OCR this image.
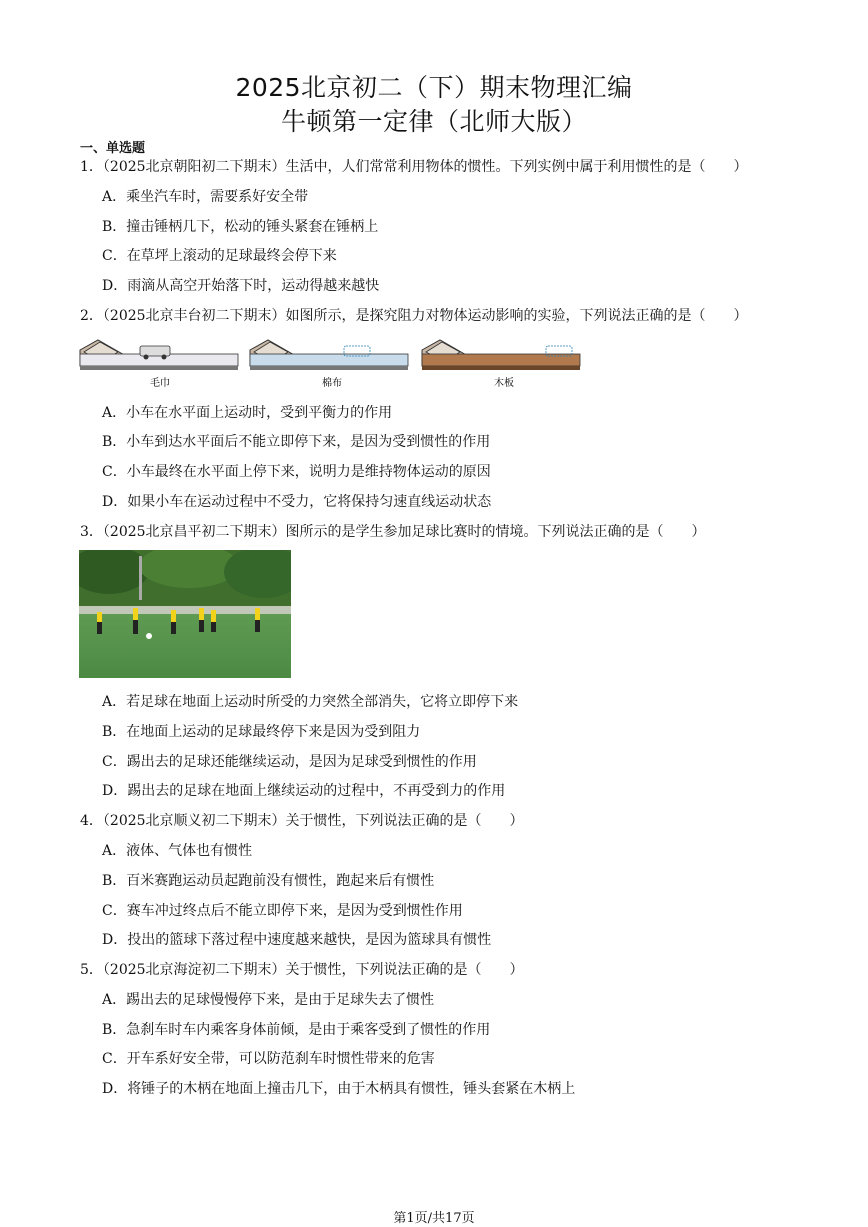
2025北京初二（下）期末物理汇编
牛顿第一定律（北师大版）
一、单选题
1．（2025北京朝阳初二下期末）生活中，人们常常利用物体的惯性。下列实例中属于利用惯性的是（　　）
A．乘坐汽车时，需要系好安全带
B．撞击锤柄几下，松动的锤头紧套在锤柄上
C．在草坪上滚动的足球最终会停下来
D．雨滴从高空开始落下时，运动得越来越快
2．（2025北京丰台初二下期末）如图所示，是探究阻力对物体运动影响的实验，下列说法正确的是（　　）
毛巾	棉布	木板
A．小车在水平面上运动时，受到平衡力的作用
B．小车到达水平面后不能立即停下来，是因为受到惯性的作用
C．小车最终在水平面上停下来，说明力是维持物体运动的原因
D．如果小车在运动过程中不受力，它将保持匀速直线运动状态
3．（2025北京昌平初二下期末）图所示的是学生参加足球比赛时的情境。下列说法正确的是（　　）
A．若足球在地面上运动时所受的力突然全部消失，它将立即停下来
B．在地面上运动的足球最终停下来是因为受到阻力
C．踢出去的足球还能继续运动，是因为足球受到惯性的作用
D．踢出去的足球在地面上继续运动的过程中，不再受到力的作用
4．（2025北京顺义初二下期末）关于惯性，下列说法正确的是（　　）
A．液体、气体也有惯性
B．百米赛跑运动员起跑前没有惯性，跑起来后有惯性
C．赛车冲过终点后不能立即停下来，是因为受到惯性作用
D．投出的篮球下落过程中速度越来越快，是因为篮球具有惯性
5．（2025北京海淀初二下期末）关于惯性，下列说法正确的是（　　）
A．踢出去的足球慢慢停下来，是由于足球失去了惯性
B．急刹车时车内乘客身体前倾，是由于乘客受到了惯性的作用
C．开车系好安全带，可以防范刹车时惯性带来的危害
D．将锤子的木柄在地面上撞击几下，由于木柄具有惯性，锤头套紧在木柄上
第1页/共17页
